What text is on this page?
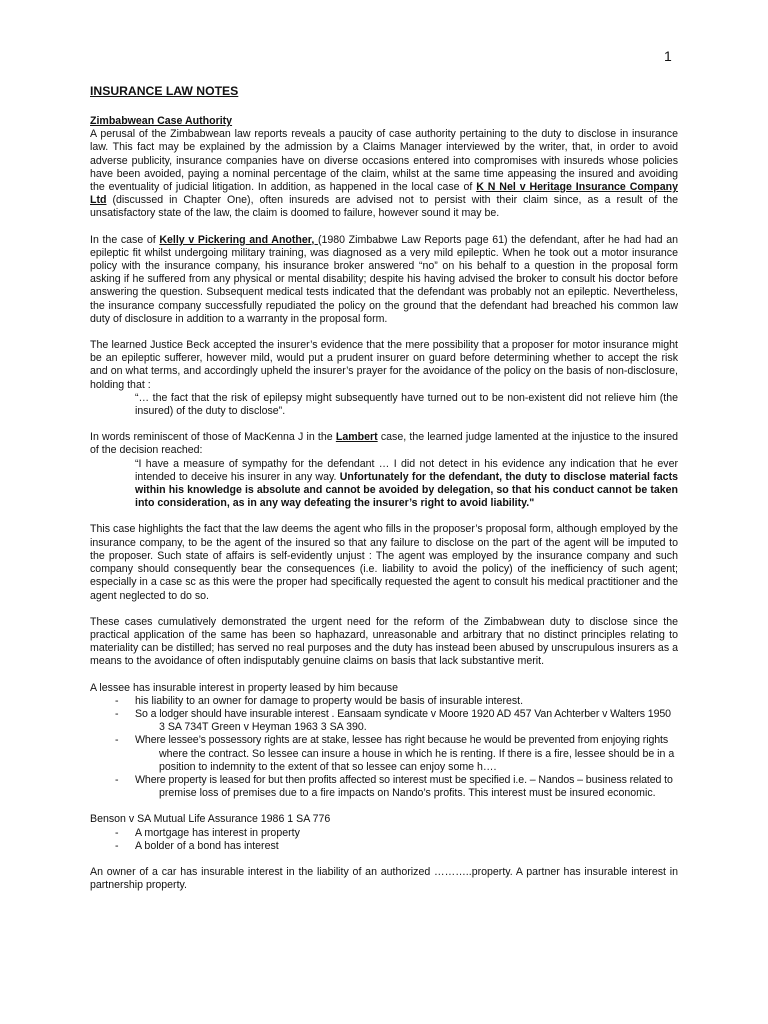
1

INSURANCE LAW NOTES

Zimbabwean Case Authority

A perusal of the Zimbabwean law reports reveals a paucity of case authority pertaining to the duty to disclose in insurance law. This fact may be explained by the admission by a Claims Manager interviewed by the writer, that, in order to avoid adverse publicity, insurance companies have on diverse occasions entered into compromises with insureds whose policies have been avoided, paying a nominal percentage of the claim, whilst at the same time appeasing the insured and avoiding the eventuality of judicial litigation. In addition, as happened in the local case of K N Nel v Heritage Insurance Company Ltd (discussed in Chapter One), often insureds are advised not to persist with their claim since, as a result of the unsatisfactory state of the law, the claim is doomed to failure, however sound it may be.

In the case of Kelly v Pickering and Another, (1980 Zimbabwe Law Reports page 61) the defendant, after he had had an epileptic fit whilst undergoing military training, was diagnosed as a very mild epileptic. When he took out a motor insurance policy with the insurance company, his insurance broker answered “no” on his behalf to a question in the proposal form asking if he suffered from any physical or mental disability; despite his having advised the broker to consult his doctor before answering the question. Subsequent medical tests indicated that the defendant was probably not an epileptic. Nevertheless, the insurance company successfully repudiated the policy on the ground that the defendant had breached his common law duty of disclosure in addition to a warranty in the proposal form.

The learned Justice Beck accepted the insurer’s evidence that the mere possibility that a proposer for motor insurance might be an epileptic sufferer, however mild, would put a prudent insurer on guard before determining whether to accept the risk and on what terms, and accordingly upheld the insurer’s prayer for the avoidance of the policy on the basis of non-disclosure, holding that :

“… the fact that the risk of epilepsy might subsequently have turned out to be non-existent did not relieve him (the insured) of the duty to disclose”.

In words reminiscent of those of MacKenna J in the Lambert case, the learned judge lamented at the injustice to the insured of the decision reached:

“I have a measure of sympathy for the defendant … I did not detect in his evidence any indication that he ever intended to deceive his insurer in any way. Unfortunately for the defendant, the duty to disclose material facts within his knowledge is absolute and cannot be avoided by delegation, so that his conduct cannot be taken into consideration, as in any way defeating the insurer’s right to avoid liability."

This case highlights the fact that the law deems the agent who fills in the proposer’s proposal form, although employed by the insurance company, to be the agent of the insured so that any failure to disclose on the part of the agent will be imputed to the proposer. Such state of affairs is self-evidently unjust : The agent was employed by the insurance company and such company should consequently bear the consequences (i.e. liability to avoid the policy) of the inefficiency of such agent; especially in a case sc as this were the proper had specifically requested the agent to consult his medical practitioner and the agent neglected to do so.

These cases cumulatively demonstrated the urgent need for the reform of the Zimbabwean duty to disclose since the practical application of the same has been so haphazard, unreasonable and arbitrary that no distinct principles relating to materiality can be distilled; has served no real purposes and the duty has instead been abused by unscrupulous insurers as a means to the avoidance of often indisputably genuine claims on basis that lack substantive merit.

A lessee has insurable interest in property leased by him because

- his liability to an owner for damage to property would be basis of insurable interest.
- So a lodger should have insurable interest . Eansaam syndicate v Moore 1920 AD 457 Van Achterber v Walters 1950
3 SA 734T Green v Heyman 1963 3 SA 390.
- Where lessee’s possessory rights are at stake, lessee has right because he would be prevented from enjoying rights
where the contract. So lessee can insure a house in which he is renting. If there is a fire, lessee should be in a position to indemnity to the extent of that so lessee can enjoy some h….
- Where property is leased for but then profits affected so interest must be specified i.e. – Nandos – business related to
premise loss of premises due to a fire impacts on Nando’s profits. This interest must be insured economic.

Benson v SA Mutual Life Assurance 1986 1 SA 776

- A mortgage has interest in property
- A bolder of a bond has interest

An owner of a car has insurable interest in the liability of an authorized ………..property. A partner has insurable interest in partnership property.
